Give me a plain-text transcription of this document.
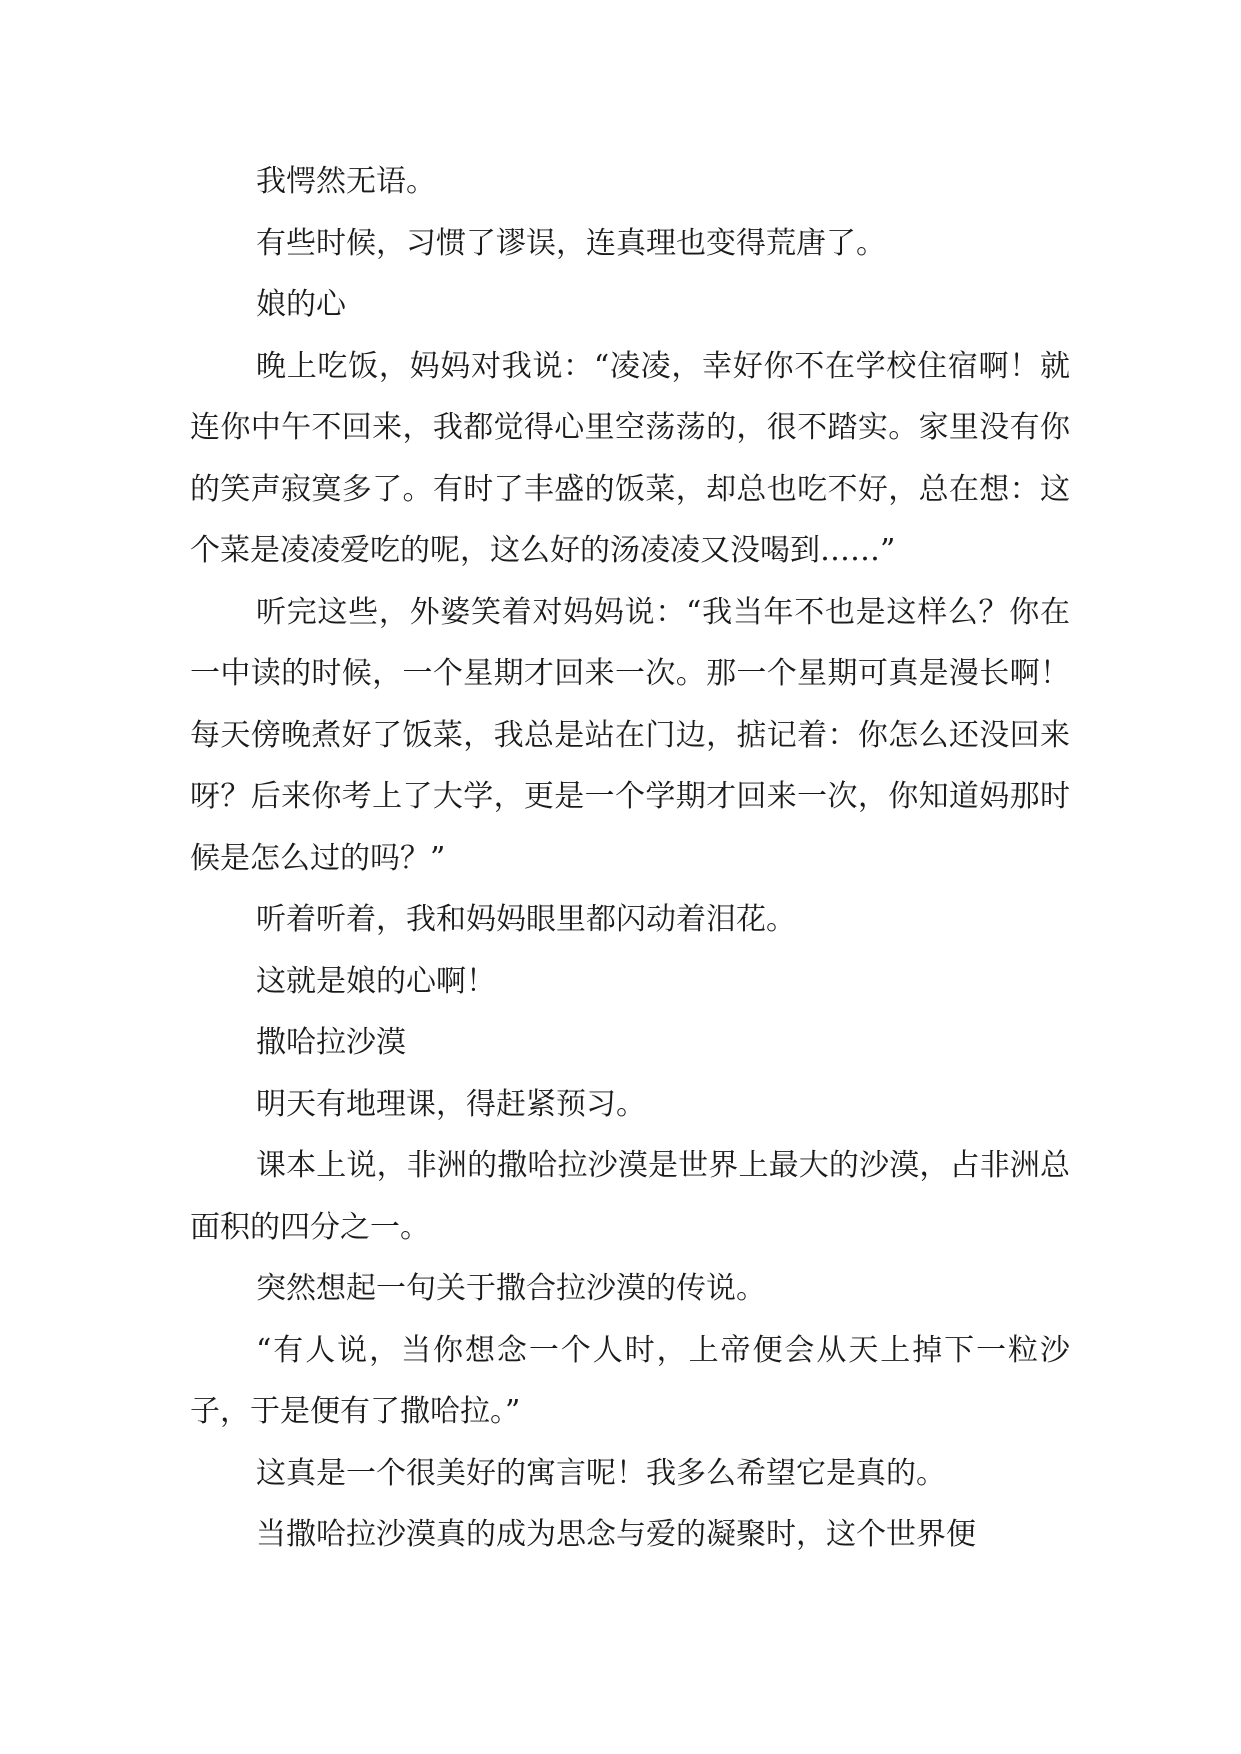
我愕然无语。

有些时候，习惯了谬误，连真理也变得荒唐了。

娘的心

晚上吃饭，妈妈对我说：“凌凌，幸好你不在学校住宿啊！就连你中午不回来，我都觉得心里空荡荡的，很不踏实。家里没有你的笑声寂寞多了。有时了丰盛的饭菜，却总也吃不好，总在想：这个菜是凌凌爱吃的呢，这么好的汤凌凌又没喝到……”

听完这些，外婆笑着对妈妈说：“我当年不也是这样么？你在一中读的时候，一个星期才回来一次。那一个星期可真是漫长啊！每天傍晚煮好了饭菜，我总是站在门边，掂记着：你怎么还没回来呀？后来你考上了大学，更是一个学期才回来一次，你知道妈那时候是怎么过的吗？”

听着听着，我和妈妈眼里都闪动着泪花。

这就是娘的心啊！

撒哈拉沙漠

明天有地理课，得赶紧预习。

课本上说，非洲的撒哈拉沙漠是世界上最大的沙漠，占非洲总面积的四分之一。

突然想起一句关于撒合拉沙漠的传说。

“有人说，当你想念一个人时，上帝便会从天上掉下一粒沙子，于是便有了撒哈拉。”

这真是一个很美好的寓言呢！我多么希望它是真的。

当撒哈拉沙漠真的成为思念与爱的凝聚时，这个世界便
